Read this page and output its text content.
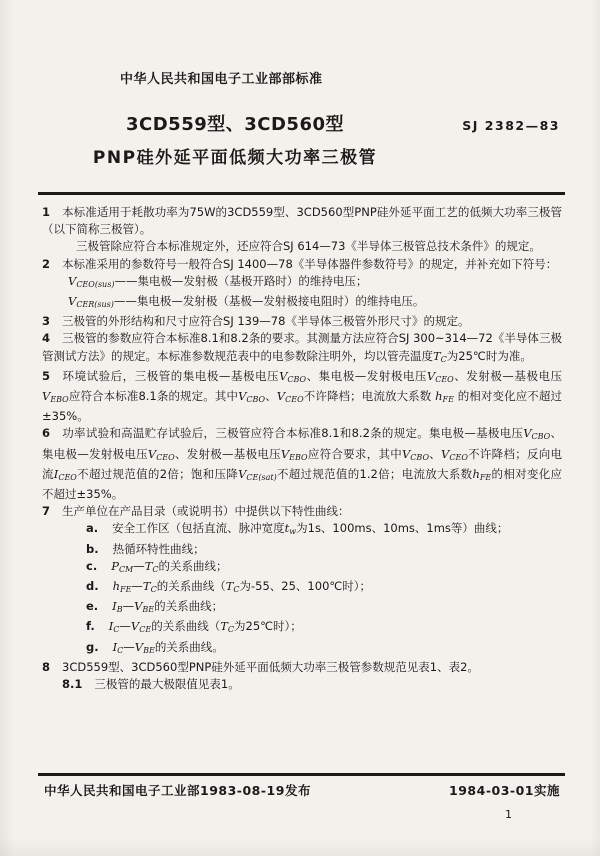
中华人民共和国电子工业部部标准
3CD559型、3CD560型
PNP硅外延平面低频大功率三极管
SJ 2382—83
1 本标准适用于耗散功率为75W的3CD559型、3CD560型PNP硅外延平面工艺的低频大功率三极管（以下简称三极管）。
三极管除应符合本标准规定外，还应符合SJ 614—73《半导体三极管总技术条件》的规定。
2 本标准采用的参数符号一般符合SJ 1400—78《半导体器件参数符号》的规定，并补充如下符号：
$V_{CEO(sus)}——$集电极—发射极（基极开路时）的维持电压；
$V_{CER(sus)}——$集电极—发射极（基极—发射极接电阻时）的维持电压。
3 三极管的外形结构和尺寸应符合SJ 139—78《半导体三极管外形尺寸》的规定。
4 三极管的参数应符合本标准8.1和8.2条的要求。其测量方法应符合SJ 300~314—72《半导体三极管测试方法》的规定。本标准参数规范表中的电参数除注明外，均以管壳温度$T_C$为25℃时为准。
5 环境试验后，三极管的集电极—基极电压$V_{CBO}$、集电极—发射极电压$V_{CEO}$、发射极—基极电压$V_{EBO}$应符合本标准8.1条的规定。其中$V_{CBO}$、$V_{CEO}$不许降档；电流放大系数 $h_{FE}$ 的相对变化应不超过±35%。
6 功率试验和高温贮存试验后，三极管应符合本标准8.1和8.2条的规定。集电极—基极电压$V_{CBO}$、集电极—发射极电压$V_{CEO}$、发射极—基极电压$V_{EBO}$应符合要求，其中$V_{CBO}$、$V_{CEO}$不许降档；反向电流$I_{CEO}$不超过规范值的2倍；饱和压降$V_{CE(sat)}$不超过规范值的1.2倍；电流放大系数$h_{FE}$的相对变化应不超过±35%。
7 生产单位在产品目录（或说明书）中提供以下特性曲线：
a. 安全工作区（包括直流、脉冲宽度$t_w$为1s、100ms、10ms、1ms等）曲线；
b. 热循环特性曲线；
c. $P_{CM}—T_C$的关系曲线；
d. $h_{FE}—T_C$的关系曲线（$T_C$为-55、25、100℃时）；
e. $I_B—V_{BE}$的关系曲线；
f. $I_C—V_{CE}$的关系曲线（$T_C$为25℃时）；
g. $I_C—V_{BE}$的关系曲线。
8 3CD559型、3CD560型PNP硅外延平面低频大功率三极管参数规范见表1、表2。
8.1 三极管的最大极限值见表1。
中华人民共和国电子工业部1983-08-19发布	1984-03-01实施
1
